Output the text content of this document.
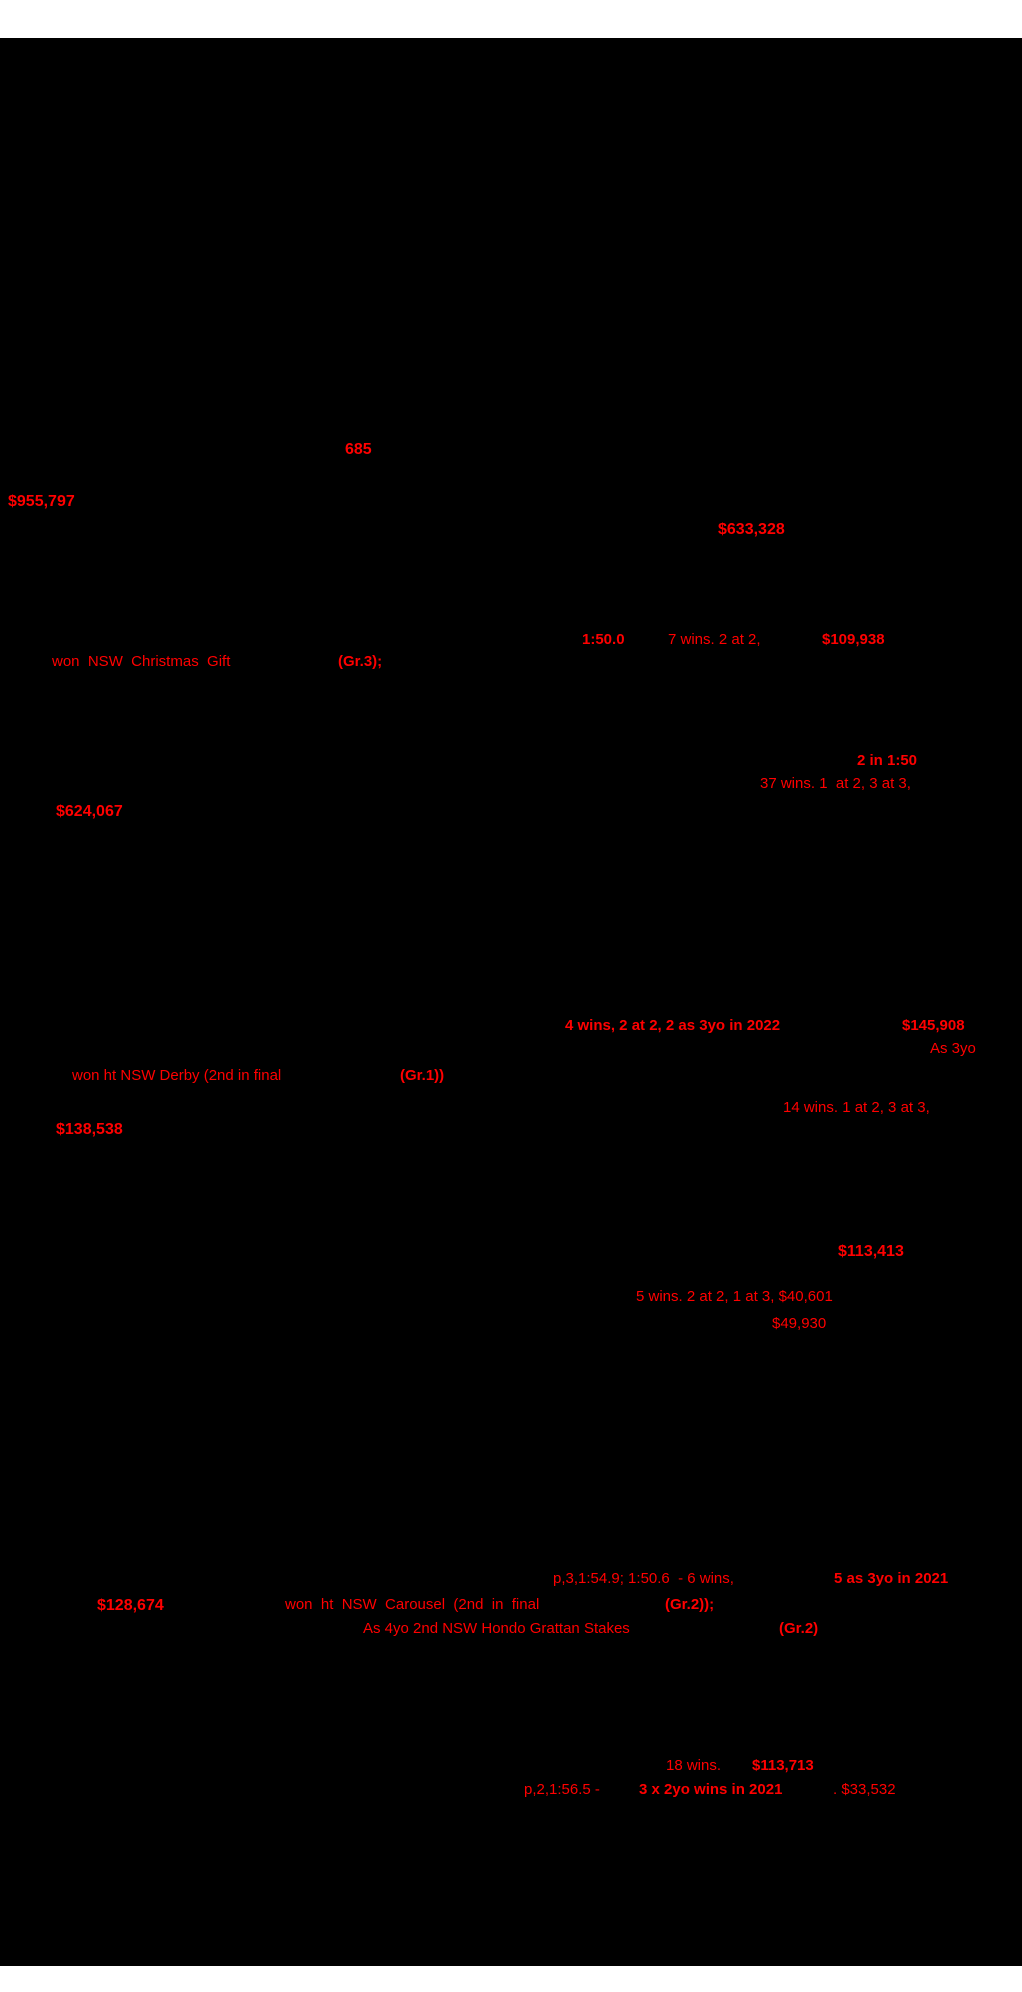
685
$955,797
$633,328
1:50.0	7 wins. 2 at 2,	$109,938
won  NSW  Christmas  Gift	(Gr.3);
2 in 1:50
37 wins. 1  at 2, 3 at 3,
$624,067
4 wins, 2 at 2, 2 as 3yo in 2022	$145,908
As 3yo
won ht NSW Derby (2nd in final	(Gr.1))
14 wins. 1 at 2, 3 at 3,
$138,538
$113,413
5 wins. 2 at 2, 1 at 3, $40,601
$49,930
p,3,1:54.9; 1:50.6  - 6 wins,	5 as 3yo in 2021
$128,674	won  ht  NSW  Carousel  (2nd  in  final	(Gr.2));
As 4yo 2nd NSW Hondo Grattan Stakes	(Gr.2)
18 wins. $113,713
p,2,1:56.5 -	3 x 2yo wins in 2021	. $33,532
